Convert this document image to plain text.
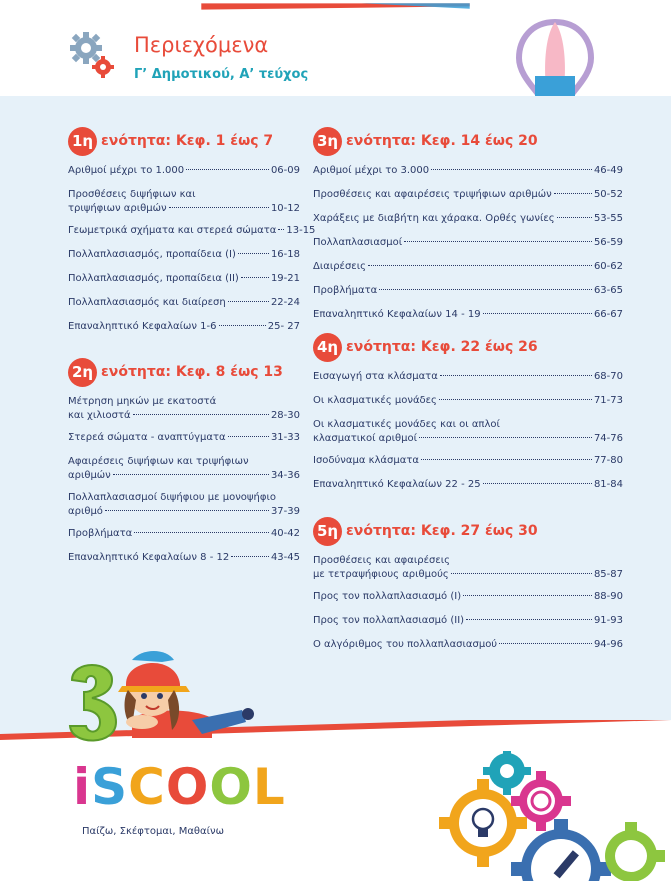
Περιεχόμενα
Γ’ Δημοτικού, Α’ τεύχος
1η ενότητα: Κεφ. 1 έως 7
Αριθμοί μέχρι το 1.000	06-09
Προσθέσεις διψήφιων και
τριψήφιων αριθμών	10-12
Γεωμετρικά σχήματα και στερεά σώματα 13-15
Πολλαπλασιασμός, προπαίδεια (I)	16-18
Πολλαπλασιασμός, προπαίδεια (II)	19-21
Πολλαπλασιασμός και διαίρεση	22-24
Επαναληπτικό Κεφαλαίων 1-6	25- 27
2η ενότητα: Κεφ. 8 έως 13
Μέτρηση μηκών με εκατοστά
και χιλιοστά	28-30
Στερεά σώματα - αναπτύγματα	31-33
Αφαιρέσεις διψήφιων και τριψήφιων
αριθμών	34-36
Πολλαπλασιασμοί διψήφιου με μονοψήφιο
αριθμό	37-39
Προβλήματα	40-42
Επαναληπτικό Κεφαλαίων 8 - 12	43-45
3η ενότητα: Κεφ. 14 έως 20
Αριθμοί μέχρι το 3.000	46-49
Προσθέσεις και αφαιρέσεις τριψήφιων αριθμών	50-52
Χαράξεις με διαβήτη και χάρακα. Ορθές γωνίες	53-55
Πολλαπλασιασμοί	56-59
Διαιρέσεις	60-62
Προβλήματα	63-65
Επαναληπτικό Κεφαλαίων 14 - 19	66-67
4η ενότητα: Κεφ. 22 έως 26
Εισαγωγή στα κλάσματα	68-70
Οι κλασματικές μονάδες	71-73
Οι κλασματικές μονάδες και οι απλοί
κλασματικοί αριθμοί	74-76
Ισοδύναμα κλάσματα	77-80
Επαναληπτικό Κεφαλαίων 22 - 25	81-84
5η ενότητα: Κεφ. 27 έως 30
Προσθέσεις και αφαιρέσεις
με τετραψήφιους αριθμούς	85-87
Προς τον πολλαπλασιασμό (I)	88-90
Προς τον πολλαπλασιασμό (II)	91-93
Ο αλγόριθμος του πολλαπλασιασμού	94-96
i S C O O L
Παίζω, Σκέφτομαι, Μαθαίνω
